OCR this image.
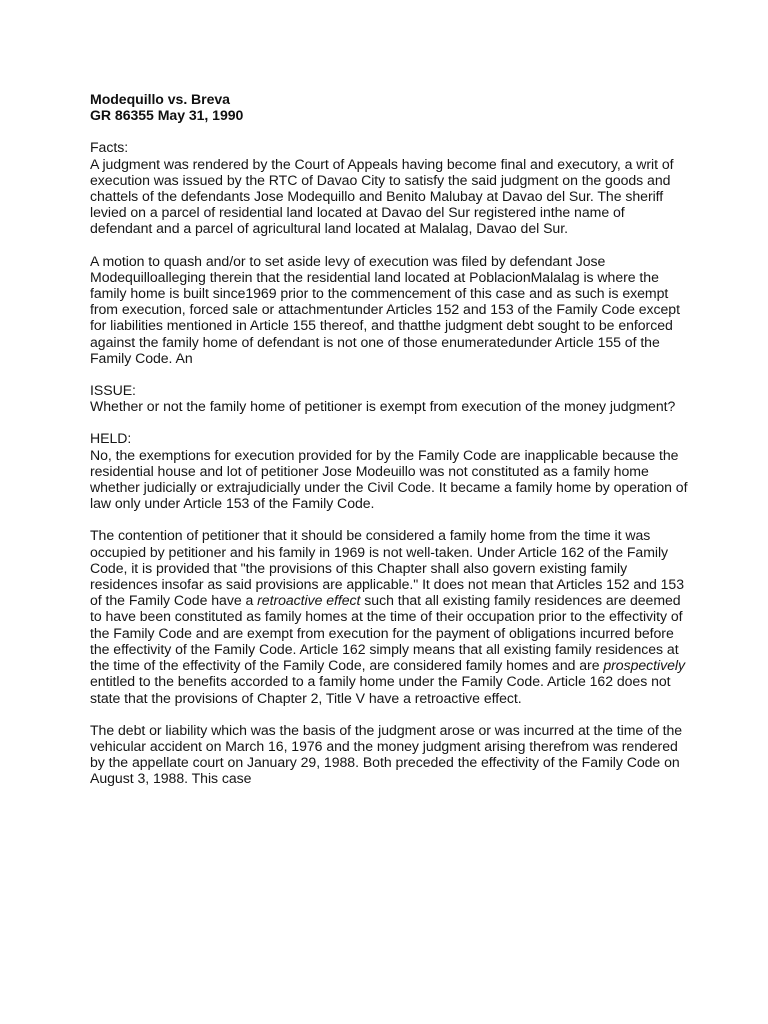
Modequillo vs. Breva
GR 86355 May 31, 1990
Facts:

A judgment was rendered by the Court of Appeals having become final and executory, a writ of execution was issued by the RTC of Davao City to satisfy the said judgment on the goods and chattels of the defendants Jose Modequillo and Benito Malubay at Davao del Sur. The sheriff levied on a parcel of residential land located at Davao del Sur registered inthe name of defendant and a parcel of agricultural land located at Malalag, Davao del Sur.

A motion to quash and/or to set aside levy of execution was filed by defendant Jose Modequilloalleging therein that the residential land located at PoblacionMalalag is where the family home is built since1969 prior to the commencement of this case and as such is exempt from execution, forced sale or attachmentunder Articles 152 and 153 of the Family Code except for liabilities mentioned in Article 155 thereof, and thatthe judgment debt sought to be enforced against the family home of defendant is not one of those enumeratedunder Article 155 of the Family Code. An

ISSUE:

Whether or not the family home of petitioner is exempt from execution of the money judgment?

HELD:

No, the exemptions for execution provided for by the Family Code are inapplicable because the residential house and lot of petitioner Jose Modeuillo was not constituted as a family home whether judicially or extrajudicially under the Civil Code. It became a family home by operation of law only under Article 153 of the Family Code.

The contention of petitioner that it should be considered a family home from the time it was occupied by petitioner and his family in 1969 is not well-taken. Under Article 162 of the Family Code, it is provided that "the provisions of this Chapter shall also govern existing family residences insofar as said provisions are applicable." It does not mean that Articles 152 and 153 of the Family Code have a retroactive effect such that all existing family residences are deemed to have been constituted as family homes at the time of their occupation prior to the effectivity of the Family Code and are exempt from execution for the payment of obligations incurred before the effectivity of the Family Code. Article 162 simply means that all existing family residences at the time of the effectivity of the Family Code, are considered family homes and are prospectively entitled to the benefits accorded to a family home under the Family Code. Article 162 does not state that the provisions of Chapter 2, Title V have a retroactive effect.

The debt or liability which was the basis of the judgment arose or was incurred at the time of the vehicular accident on March 16, 1976 and the money judgment arising therefrom was rendered by the appellate court on January 29, 1988. Both preceded the effectivity of the Family Code on August 3, 1988. This case
